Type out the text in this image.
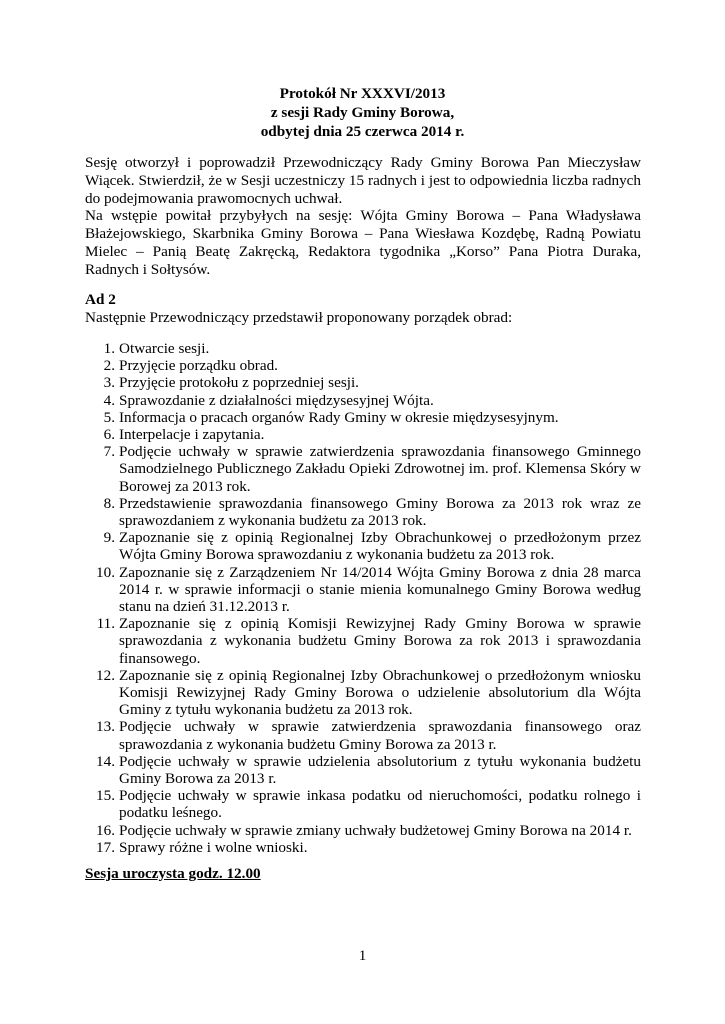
Protokół Nr XXXVI/2013
z sesji Rady Gminy Borowa,
odbytej dnia 25 czerwca 2014 r.

Sesję otworzył i poprowadził Przewodniczący Rady Gminy Borowa Pan Mieczysław Wiącek. Stwierdził, że w Sesji uczestniczy 15 radnych i jest to odpowiednia liczba radnych do podejmowania prawomocnych uchwał.

Na wstępie powitał przybyłych na sesję: Wójta Gminy Borowa – Pana Władysława Błażejowskiego, Skarbnika Gminy Borowa – Pana Wiesława Kozdębę, Radną Powiatu Mielec – Panią Beatę Zakręcką, Redaktora tygodnika „Korso” Pana Piotra Duraka, Radnych i Sołtysów.

Ad 2
Następnie Przewodniczący przedstawił proponowany porządek obrad:
1. Otwarcie sesji.
2. Przyjęcie porządku obrad.
3. Przyjęcie protokołu z poprzedniej sesji.
4. Sprawozdanie z działalności międzysesyjnej Wójta.
5. Informacja o pracach organów Rady Gminy w okresie międzysesyjnym.
6. Interpelacje i zapytania.
7. Podjęcie uchwały w sprawie zatwierdzenia sprawozdania finansowego Gminnego Samodzielnego Publicznego Zakładu Opieki Zdrowotnej im. prof. Klemensa Skóry w Borowej za 2013 rok.
8. Przedstawienie sprawozdania finansowego Gminy Borowa za 2013 rok wraz ze sprawozdaniem z wykonania budżetu za 2013 rok.
9. Zapoznanie się z opinią Regionalnej Izby Obrachunkowej o przedłożonym przez Wójta Gminy Borowa sprawozdaniu z wykonania budżetu za 2013 rok.
10. Zapoznanie się z Zarządzeniem Nr 14/2014 Wójta Gminy Borowa z dnia 28 marca 2014 r. w sprawie informacji o stanie mienia komunalnego Gminy Borowa według stanu na dzień 31.12.2013 r.
11. Zapoznanie się z opinią Komisji Rewizyjnej Rady Gminy Borowa w sprawie sprawozdania z wykonania budżetu Gminy Borowa za rok 2013 i sprawozdania finansowego.
12. Zapoznanie się z opinią Regionalnej Izby Obrachunkowej o przedłożonym wniosku Komisji Rewizyjnej Rady Gminy Borowa o udzielenie absolutorium dla Wójta Gminy z tytułu wykonania budżetu za 2013 rok.
13. Podjęcie uchwały w sprawie zatwierdzenia sprawozdania finansowego oraz sprawozdania z wykonania budżetu Gminy Borowa za 2013 r.
14. Podjęcie uchwały w sprawie udzielenia absolutorium z tytułu wykonania budżetu Gminy Borowa za 2013 r.
15. Podjęcie uchwały w sprawie inkasa podatku od nieruchomości, podatku rolnego i podatku leśnego.
16. Podjęcie uchwały w sprawie zmiany uchwały budżetowej Gminy Borowa na 2014 r.
17. Sprawy różne i wolne wnioski.
Sesja uroczysta godz. 12.00
1
